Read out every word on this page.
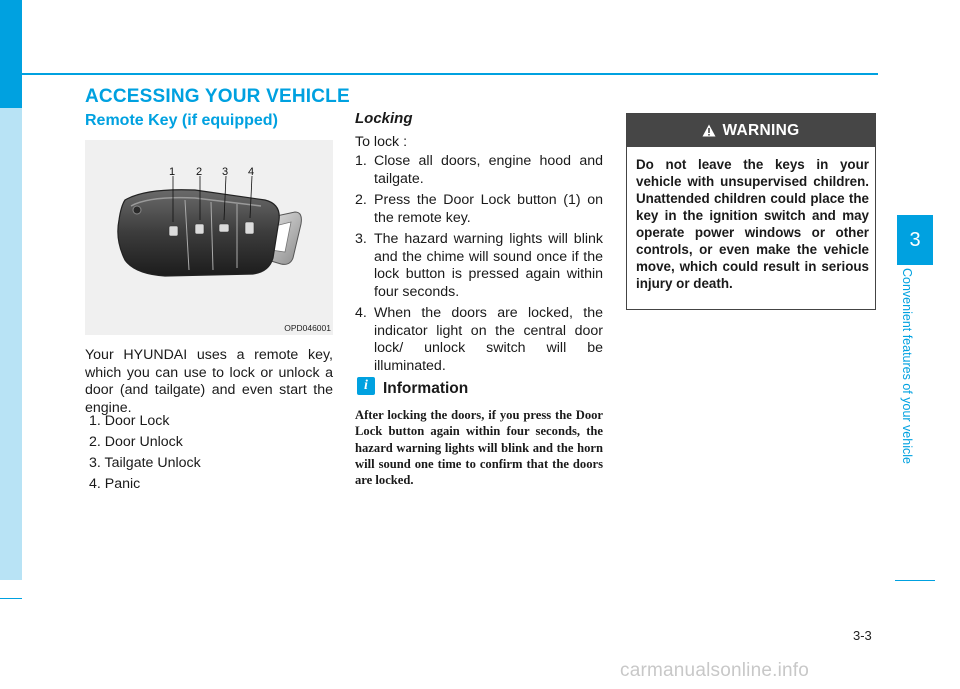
ACCESSING YOUR VEHICLE
Remote Key (if equipped)
1 2 3 4
OPD046001
Your HYUNDAI uses a remote key, which you can use to lock or unlock a door (and tailgate) and even start the engine.
1. Door Lock
2. Door Unlock
3. Tailgate Unlock
4. Panic
Locking
To lock :
1. Close all doors, engine hood and tailgate.
2. Press the Door Lock button (1) on the remote key.
3. The hazard warning lights will blink and the chime will sound once if the lock button is pressed again within four seconds.
4. When the doors are locked, the indicator light on the central door lock/ unlock switch will be illuminated.
i Information
After locking the doors, if you press the Door Lock button again within four seconds, the hazard warning lights will blink and the horn will sound one time to confirm that the doors are locked.
WARNING
Do not leave the keys in your vehicle with unsupervised children. Unattended children could place the key in the ignition switch and may operate power windows or other controls, or even make the vehicle move, which could result in serious injury or death.
3
Convenient features of your vehicle
3-3
carmanualsonline.info
